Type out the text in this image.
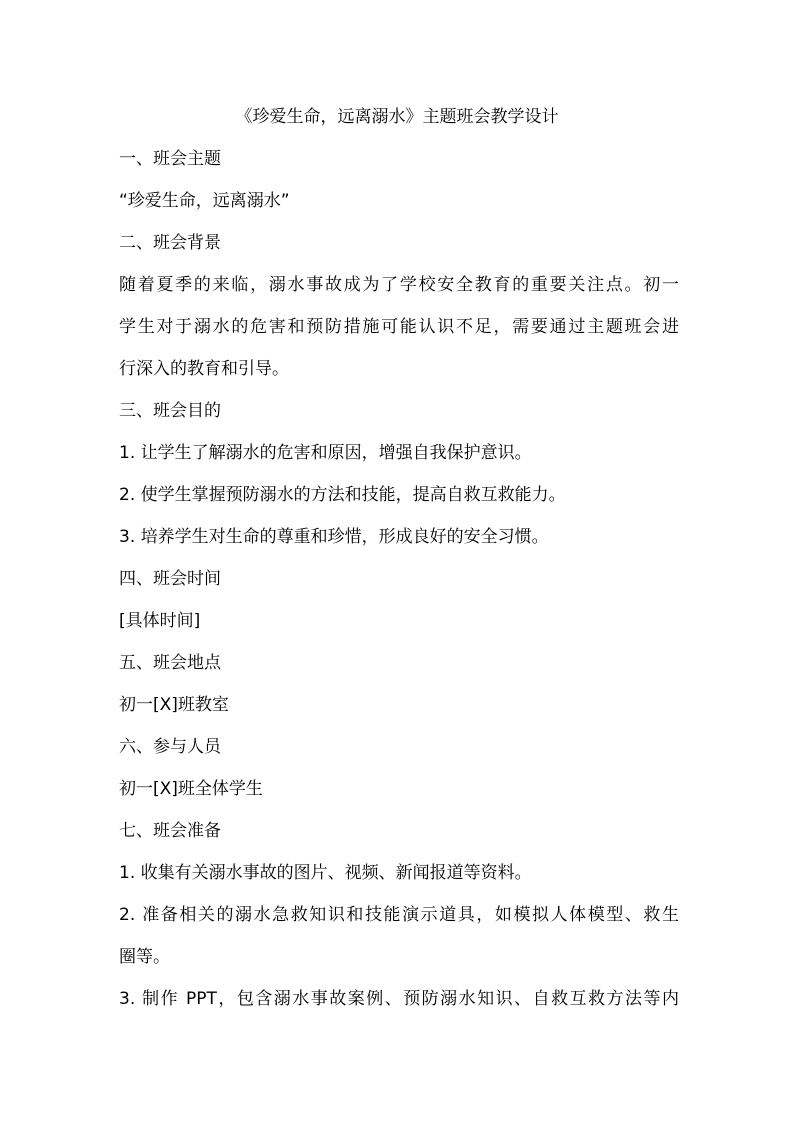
《珍爱生命，远离溺水》主题班会教学设计
一、班会主题
“珍爱生命，远离溺水”
二、班会背景
随着夏季的来临，溺水事故成为了学校安全教育的重要关注点。初一
学生对于溺水的危害和预防措施可能认识不足，需要通过主题班会进
行深入的教育和引导。
三、班会目的
1. 让学生了解溺水的危害和原因，增强自我保护意识。
2. 使学生掌握预防溺水的方法和技能，提高自救互救能力。
3. 培养学生对生命的尊重和珍惜，形成良好的安全习惯。
四、班会时间
[具体时间]
五、班会地点
初一[X]班教室
六、参与人员
初一[X]班全体学生
七、班会准备
1. 收集有关溺水事故的图片、视频、新闻报道等资料。
2. 准备相关的溺水急救知识和技能演示道具，如模拟人体模型、救生
圈等。
3. 制作 PPT，包含溺水事故案例、预防溺水知识、自救互救方法等内
